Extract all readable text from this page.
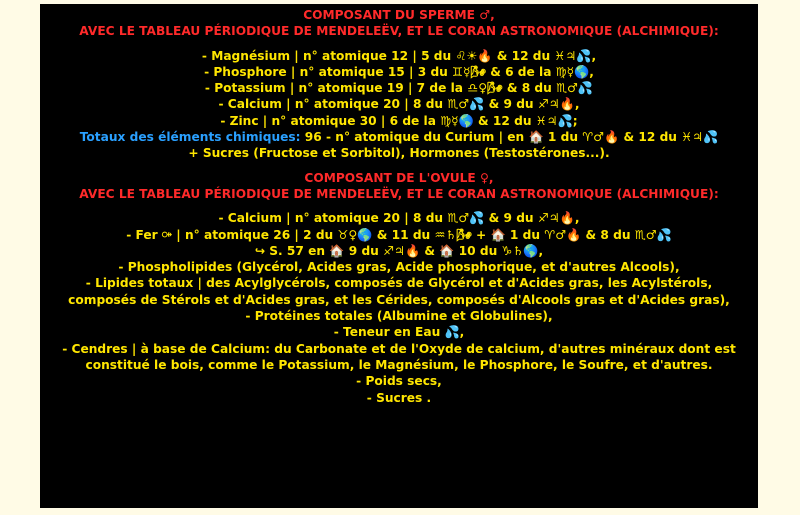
COMPOSANT DU SPERME ♂,
AVEC LE TABLEAU PÉRIODIQUE DE MENDELEËV, ET LE CORAN ASTRONOMIQUE (ALCHIMIQUE):
- Magnésium | n° atomique 12 | 5 du ♌☀🔥 & 12 du ♓♃💦,
- Phosphore | n° atomique 15 | 3 du ♊☿🌬 & 6 de la ♍☿🌎,
- Potassium | n° atomique 19 | 7 de la ♎♀🌬 & 8 du ♏♂💦
- Calcium | n° atomique 20 | 8 du ♏♂💦 & 9 du ♐♃🔥,
- Zinc | n° atomique 30 | 6 de la ♍☿🌎 & 12 du ♓♃💦;
Totaux des éléments chimiques: 96 - n° atomique du Curium | en 🏠 1 du ♈♂🔥 & 12 du ♓♃💦
+ Sucres (Fructose et Sorbitol), Hormones (Testostérones...).
COMPOSANT DE L'OVULE ♀,
AVEC LE TABLEAU PÉRIODIQUE DE MENDELEËV, ET LE CORAN ASTRONOMIQUE (ALCHIMIQUE):
- Calcium | n° atomique 20 | 8 du ♏♂💦 & 9 du ♐♃🔥,
- Fer ⚩ | n° atomique 26 | 2 du ♉♀🌎 & 11 du ♒♄🌬 + 🏠 1 du ♈♂🔥 & 8 du ♏♂💦
↪ S. 57 en 🏠 9 du ♐♃🔥 & 🏠 10 du ♑♄🌎,
- Phospholipides (Glycérol, Acides gras, Acide phosphorique, et d'autres Alcools),
- Lipides totaux | des Acylglycérols, composés de Glycérol et d'Acides gras, les Acylstérols,
composés de Stérols et d'Acides gras, et les Cérides, composés d'Alcools gras et d'Acides gras),
- Protéines totales (Albumine et Globulines),
- Teneur en Eau 💦,
- Cendres | à base de Calcium: du Carbonate et de l'Oxyde de calcium, d'autres minéraux dont est
constitué le bois, comme le Potassium, le Magnésium, le Phosphore, le Soufre, et d'autres.
- Poids secs,
- Sucres .
